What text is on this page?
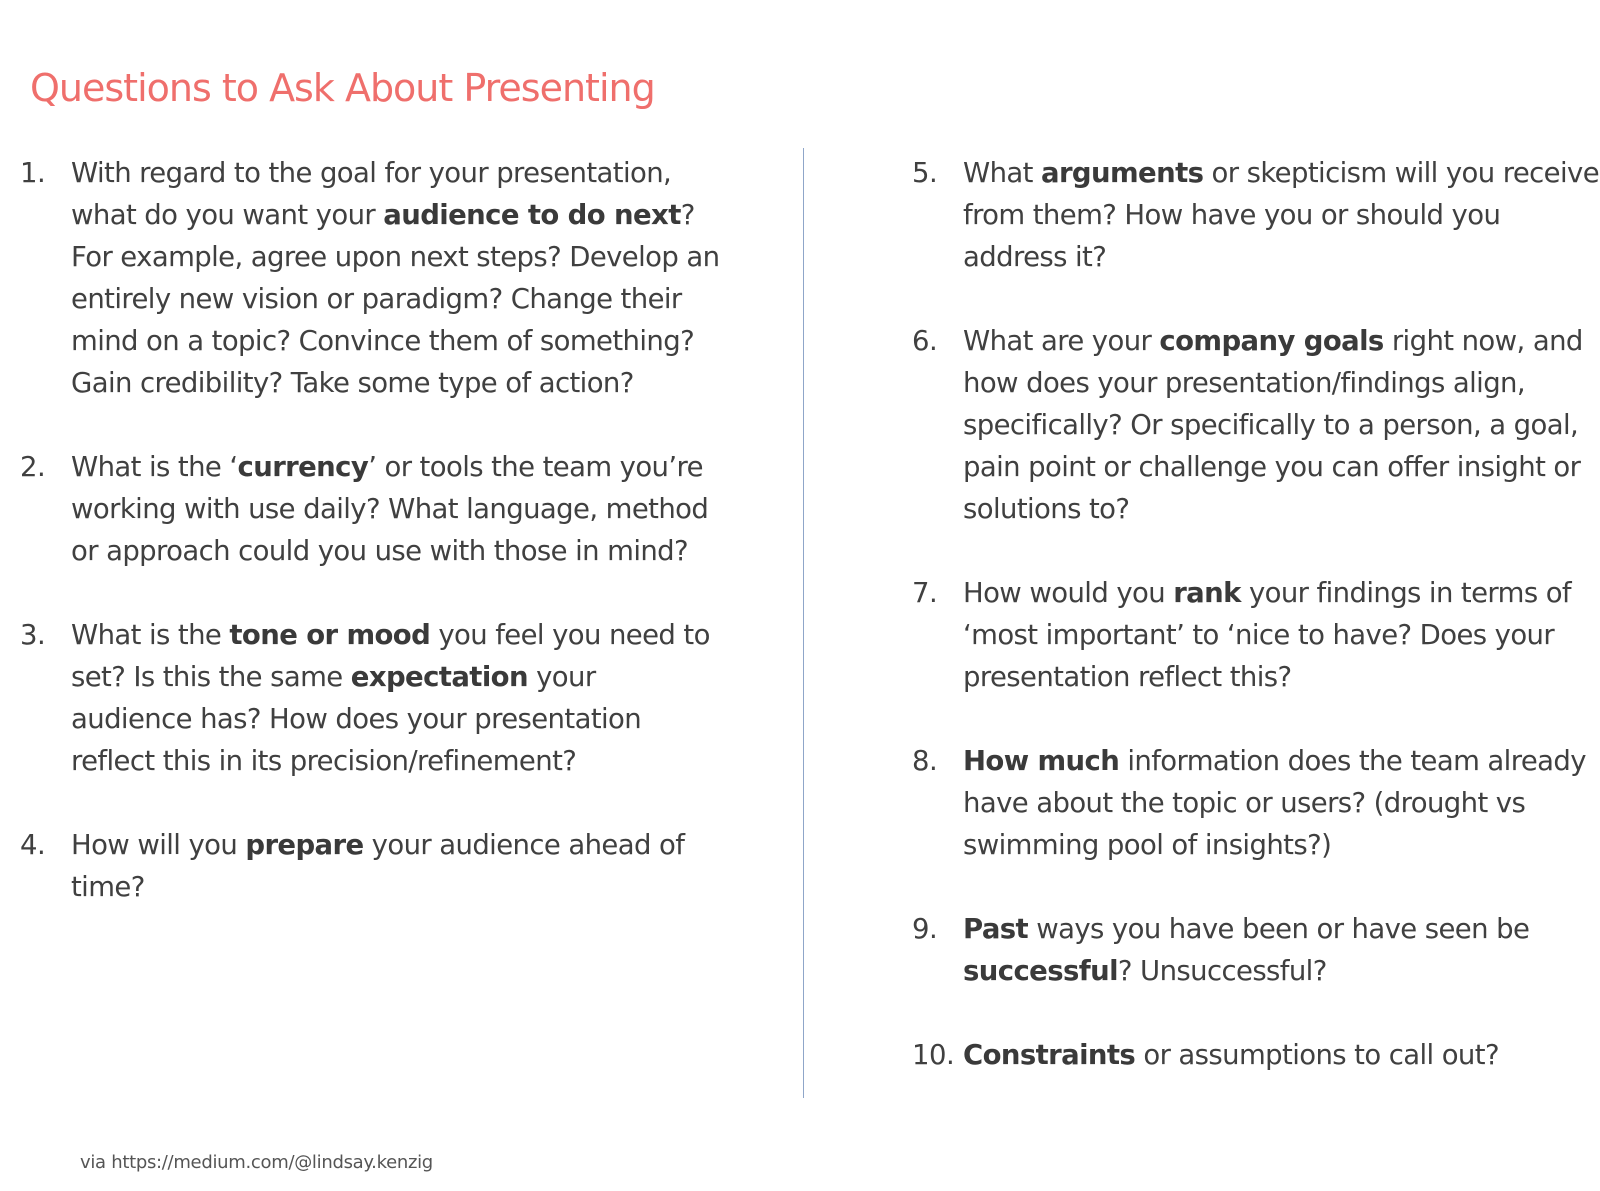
Questions to Ask About Presenting
1. With regard to the goal for your presentation, what do you want your audience to do next? For example, agree upon next steps? Develop an entirely new vision or paradigm? Change their mind on a topic? Convince them of something? Gain credibility? Take some type of action?
2. What is the ‘currency’ or tools the team you’re working with use daily? What language, method or approach could you use with those in mind?
3. What is the tone or mood you feel you need to set? Is this the same expectation your audience has? How does your presentation reflect this in its precision/refinement?
4. How will you prepare your audience ahead of time?
5. What arguments or skepticism will you receive from them? How have you or should you address it?
6. What are your company goals right now, and how does your presentation/findings align, specifically? Or specifically to a person, a goal, pain point or challenge you can offer insight or solutions to?
7. How would you rank your findings in terms of ‘most important’ to ‘nice to have? Does your presentation reflect this?
8. How much information does the team already have about the topic or users? (drought vs swimming pool of insights?)
9. Past ways you have been or have seen be successful? Unsuccessful?
10. Constraints or assumptions to call out?
via https://medium.com/@lindsay.kenzig
